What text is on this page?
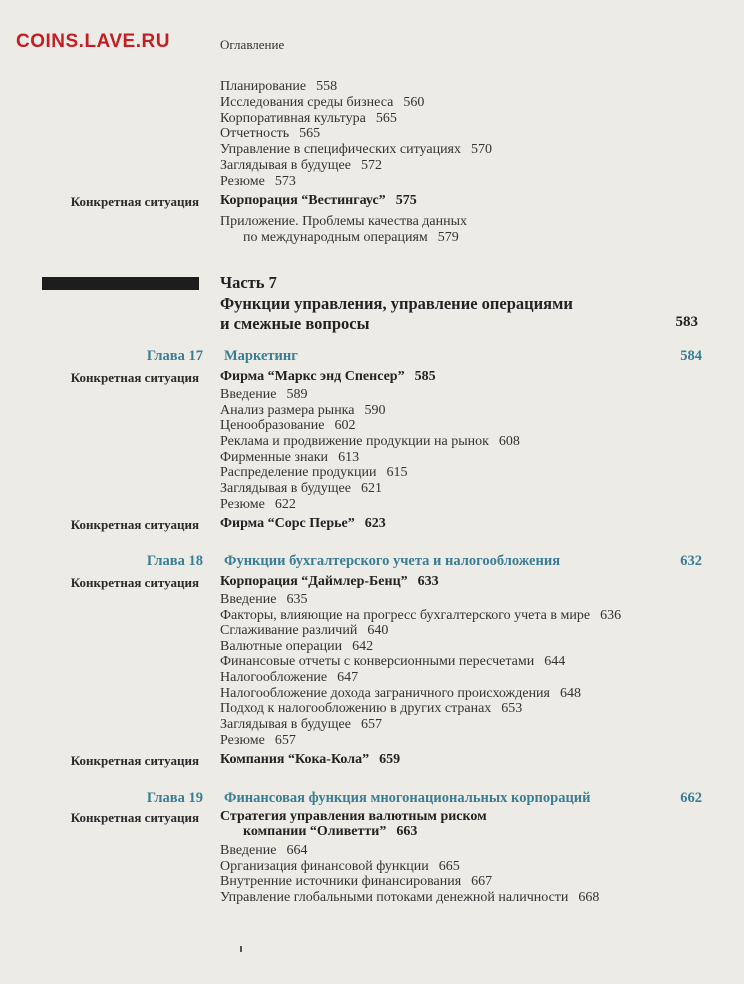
COINS.LAVE.RU	Оглавление
Планирование 558
Исследования среды бизнеса 560
Корпоративная культура 565
Отчетность 565
Управление в специфических ситуациях 570
Заглядывая в будущее 572
Резюме 573
Конкретная ситуация Корпорация “Вестингаус” 575
Приложение. Проблемы качества данных
по международным операциям 579
Часть 7
Функции управления, управление операциями
и смежные вопросы	583
Глава 17 Маркетинг	584
Конкретная ситуация Фирма “Маркс энд Спенсер” 585
Введение 589
Анализ размера рынка 590
Ценообразование 602
Реклама и продвижение продукции на рынок 608
Фирменные знаки 613
Распределение продукции 615
Заглядывая в будущее 621
Резюме 622
Конкретная ситуация Фирма “Сорс Перье” 623
Глава 18 Функции бухгалтерского учета и налогообложения	632
Конкретная ситуация Корпорация “Даймлер-Бенц” 633
Введение 635
Факторы, влияющие на прогресс бухгалтерского учета в мире 636
Сглаживание различий 640
Валютные операции 642
Финансовые отчеты с конверсионными пересчетами 644
Налогообложение 647
Налогообложение дохода заграничного происхождения 648
Подход к налогообложению в других странах 653
Заглядывая в будущее 657
Резюме 657
Конкретная ситуация Компания “Кока-Кола” 659
Глава 19 Финансовая функция многонациональных корпораций	662
Конкретная ситуация Стратегия управления валютным риском
компании “Оливетти” 663
Введение 664
Организация финансовой функции 665
Внутренние источники финансирования 667
Управление глобальными потоками денежной наличности 668
